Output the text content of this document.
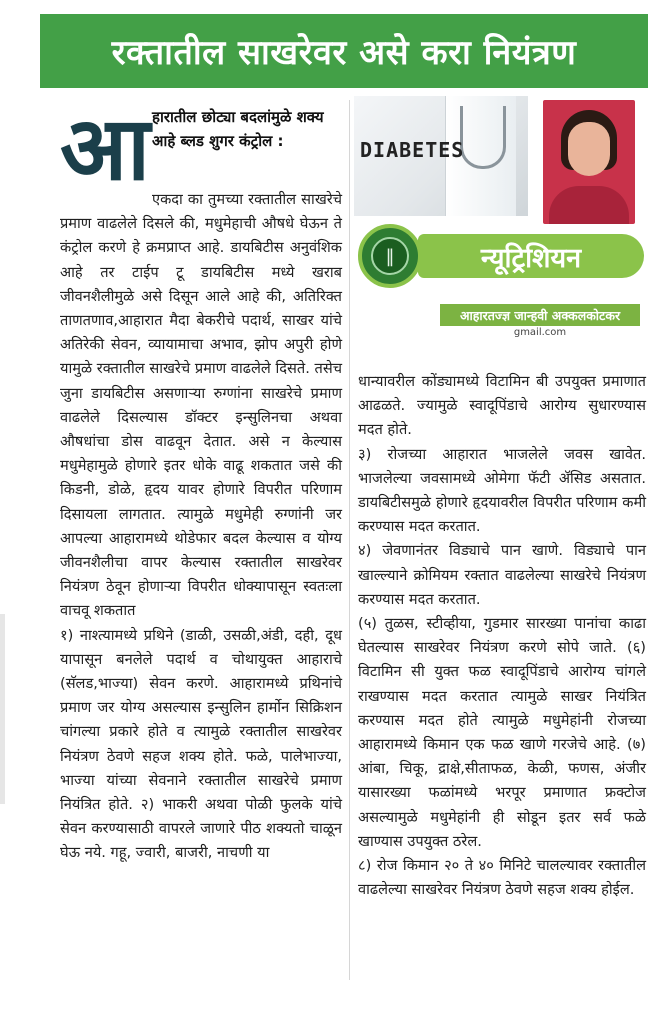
रक्तातील साखरेवर असे करा नियंत्रण
आ हारातील छोट्या बदलांमुळे शक्य आहे ब्लड शुगर कंट्रोल :

एकदा का तुमच्या रक्तातील साखरेचे प्रमाण वाढलेले दिसले की, मधुमेहाची औषधे घेऊन ते कंट्रोल करणे हे क्रमप्राप्त आहे. डायबिटीस अनुवंशिक आहे तर टाईप टू डायबिटीस मध्ये खराब जीवनशैलीमुळे असे दिसून आले आहे की, अतिरिक्त ताणतणाव,आहारात मैदा बेकरीचे पदार्थ, साखर यांचे अतिरेकी सेवन, व्यायामाचा अभाव, झोप अपुरी होणे यामुळे रक्तातील साखरेचे प्रमाण वाढलेले दिसते. तसेच जुना डायबिटीस असणाऱ्या रुग्णांना साखरेचे प्रमाण वाढलेले दिसल्यास डॉक्टर इन्सुलिनचा अथवा औषधांचा डोस वाढवून देतात. असे न केल्यास मधुमेहामुळे होणारे इतर धोके वाढू शकतात जसे की किडनी, डोळे, हृदय यावर होणारे विपरीत परिणाम दिसायला लागतात. त्यामुळे मधुमेही रुग्णांनी जर आपल्या आहारामध्ये थोडेफार बदल केल्यास व योग्य जीवनशैलीचा वापर केल्यास रक्तातील साखरेवर नियंत्रण ठेवून होणाऱ्या विपरीत धोक्यापासून स्वतःला वाचवू शकतात

१) नाश्त्यामध्ये प्रथिने (डाळी, उसळी,अंडी, दही, दूध यापासून बनलेले पदार्थ व चोथायुक्त आहाराचे (सॅलड,भाज्या) सेवन करणे. आहारामध्ये प्रथिनांचे प्रमाण जर योग्य असल्यास इन्सुलिन हार्मोन सिक्रिशन चांगल्या प्रकारे होते व त्यामुळे रक्तातील साखरेवर नियंत्रण ठेवणे सहज शक्य होते. फळे, पालेभाज्या, भाज्या यांच्या सेवनाने रक्तातील साखरेचे प्रमाण नियंत्रित होते. २) भाकरी अथवा पोळी फुलके यांचे सेवन करण्यासाठी वापरले जाणारे पीठ शक्यतो चाळून घेऊ नये. गहू, ज्वारी, बाजरी, नाचणी या

DIABETES
‖	न्यूट्रिशियन
आहारतज्ज्ञ जान्हवी अक्कलकोटकर
gmail.com

धान्यावरील कोंड्यामध्ये विटामिन बी उपयुक्त प्रमाणात आढळते. ज्यामुळे स्वादूपिंडाचे आरोग्य सुधारण्यास मदत होते.

३) रोजच्या आहारात भाजलेले जवस खावेत. भाजलेल्या जवसामध्ये ओमेगा फॅटी ॲसिड असतात. डायबिटीसमुळे होणारे हृदयावरील विपरीत परिणाम कमी करण्यास मदत करतात.

४) जेवणानंतर विड्याचे पान खाणे. विड्याचे पान खाल्ल्याने क्रोमियम रक्तात वाढलेल्या साखरेचे नियंत्रण करण्यास मदत करतात.

(५) तुळस, स्टीव्हीया, गुडमार सारख्या पानांचा काढा घेतल्यास साखरेवर नियंत्रण करणे सोपे जाते. (६) विटामिन सी युक्त फळ स्वादूपिंडाचे आरोग्य चांगले राखण्यास मदत करतात त्यामुळे साखर नियंत्रित करण्यास मदत होते त्यामुळे मधुमेहांनी रोजच्या आहारामध्ये किमान एक फळ खाणे गरजेचे आहे. (७) आंबा, चिकू, द्राक्षे,सीताफळ, केळी, फणस, अंजीर यासारख्या फळांमध्ये भरपूर प्रमाणात फ्रक्टोज असल्यामुळे मधुमेहांनी ही सोडून इतर सर्व फळे खाण्यास उपयुक्त ठरेल.

८) रोज किमान २० ते ४० मिनिटे चालल्यावर रक्तातील वाढलेल्या साखरेवर नियंत्रण ठेवणे सहज शक्य होईल.
